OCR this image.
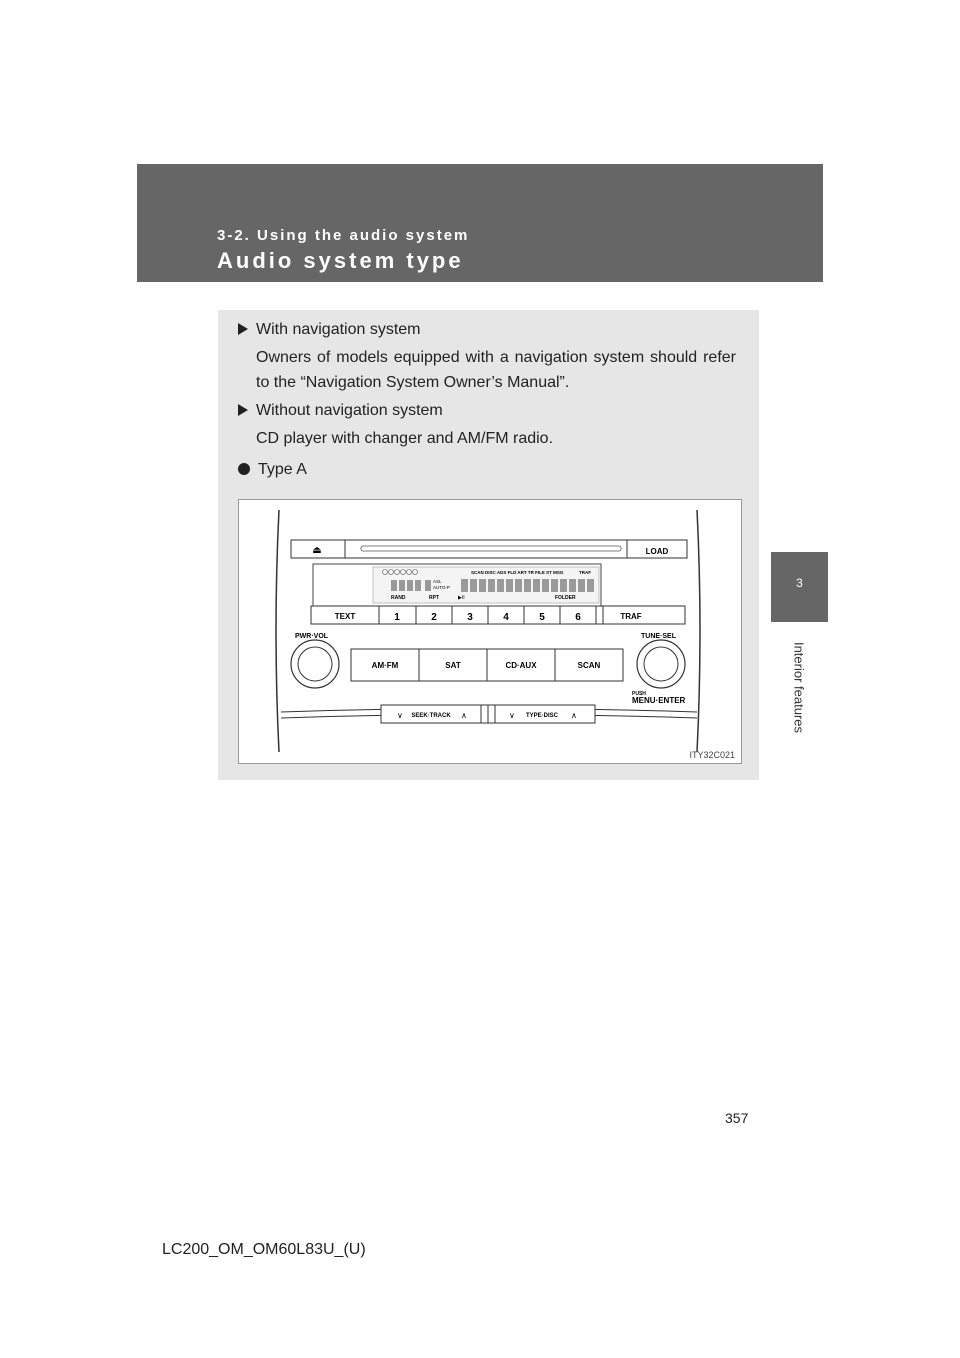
3-2. Using the audio system
Audio system type
3
Interior features
With navigation system
Owners of models equipped with a navigation system should refer to the “Navigation System Owner’s Manual”.
Without navigation system
CD player with changer and AM/FM radio.
Type A
⏏	LOAD
SCAN DISC ADS FLD ART TR FILE ST MSG	TRAF
ASL
AUTO-P
RAND	RPT	▶II	FOLDER
TEXT	1	2	3	4	5	6	TRAF
PWR·VOL	TUNE·SEL
AM·FM	SAT	CD·AUX	SCAN
PUSH
MENU·ENTER
∨ SEEK·TRACK ∧	∨ TYPE·DISC ∧
ITY32C021
357
LC200_OM_OM60L83U_(U)
